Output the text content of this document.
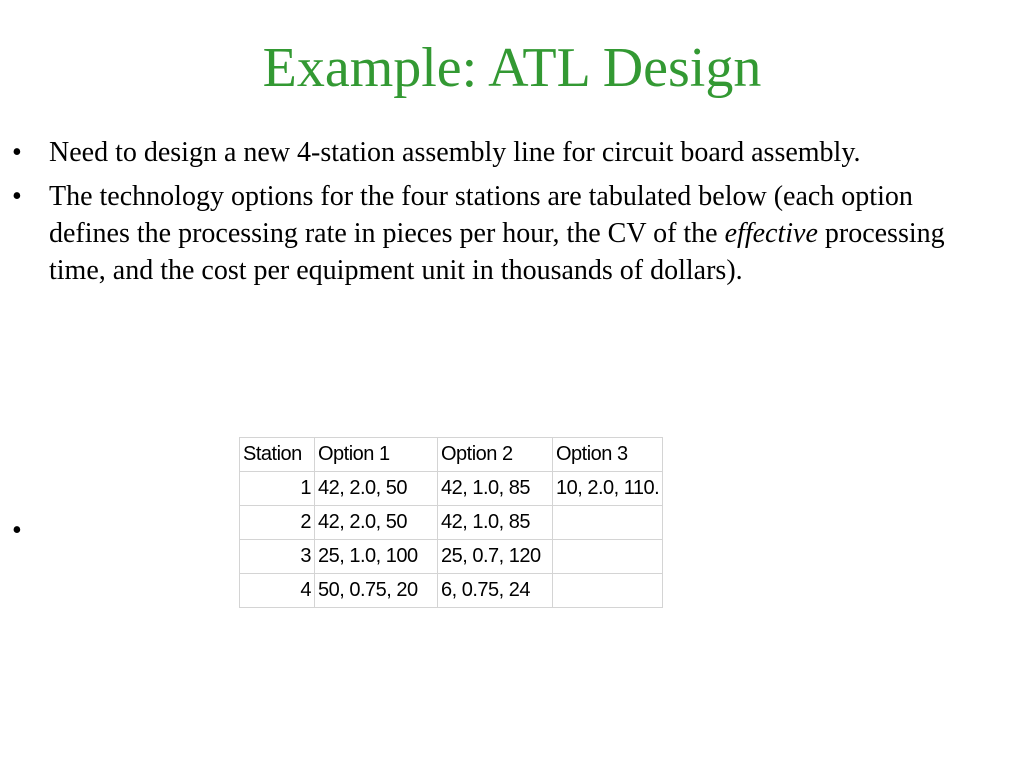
Example: ATL Design
• Need to design a new 4-station assembly line for circuit board assembly.
• The technology options for the four stations are tabulated below (each option defines the processing rate in pieces per hour, the CV of the effective processing time, and the cost per equipment unit in thousands of dollars).
•
Station	Option 1	Option 2	Option 3
1	42, 2.0, 50	42, 1.0, 85	10, 2.0, 110.
2	42, 2.0, 50	42, 1.0, 85	
3	25, 1.0, 100	25, 0.7, 120	
4	50, 0.75, 20	6, 0.75, 24	
